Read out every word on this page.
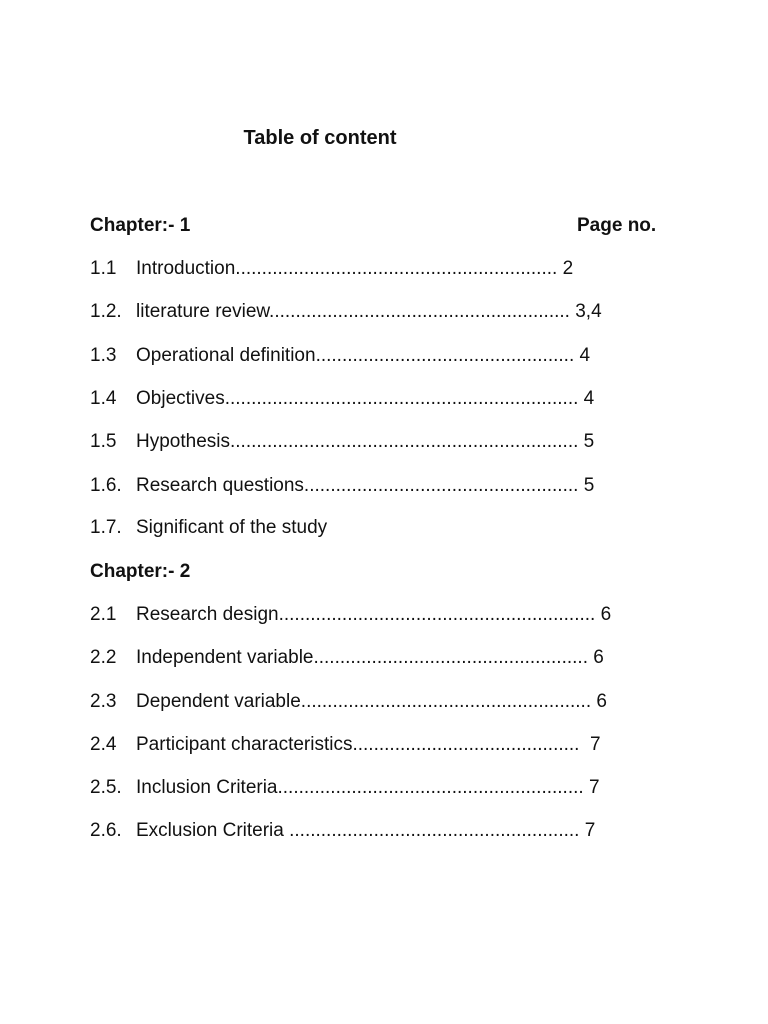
Table of content
Chapter:- 1	Page no.
1.1 Introduction............................................................. 2
1.2. literature review......................................................... 3,4
1.3 Operational definition................................................. 4
1.4 Objectives................................................................... 4
1.5 Hypothesis.................................................................. 5
1.6. Research questions.................................................... 5
1.7. Significant of the study
Chapter:- 2
2.1 Research design............................................................ 6
2.2 Independent variable.................................................... 6
2.3 Dependent variable....................................................... 6
2.4 Participant characteristics...........................................  7
2.5. Inclusion Criteria.......................................................... 7
2.6. Exclusion Criteria ....................................................... 7
